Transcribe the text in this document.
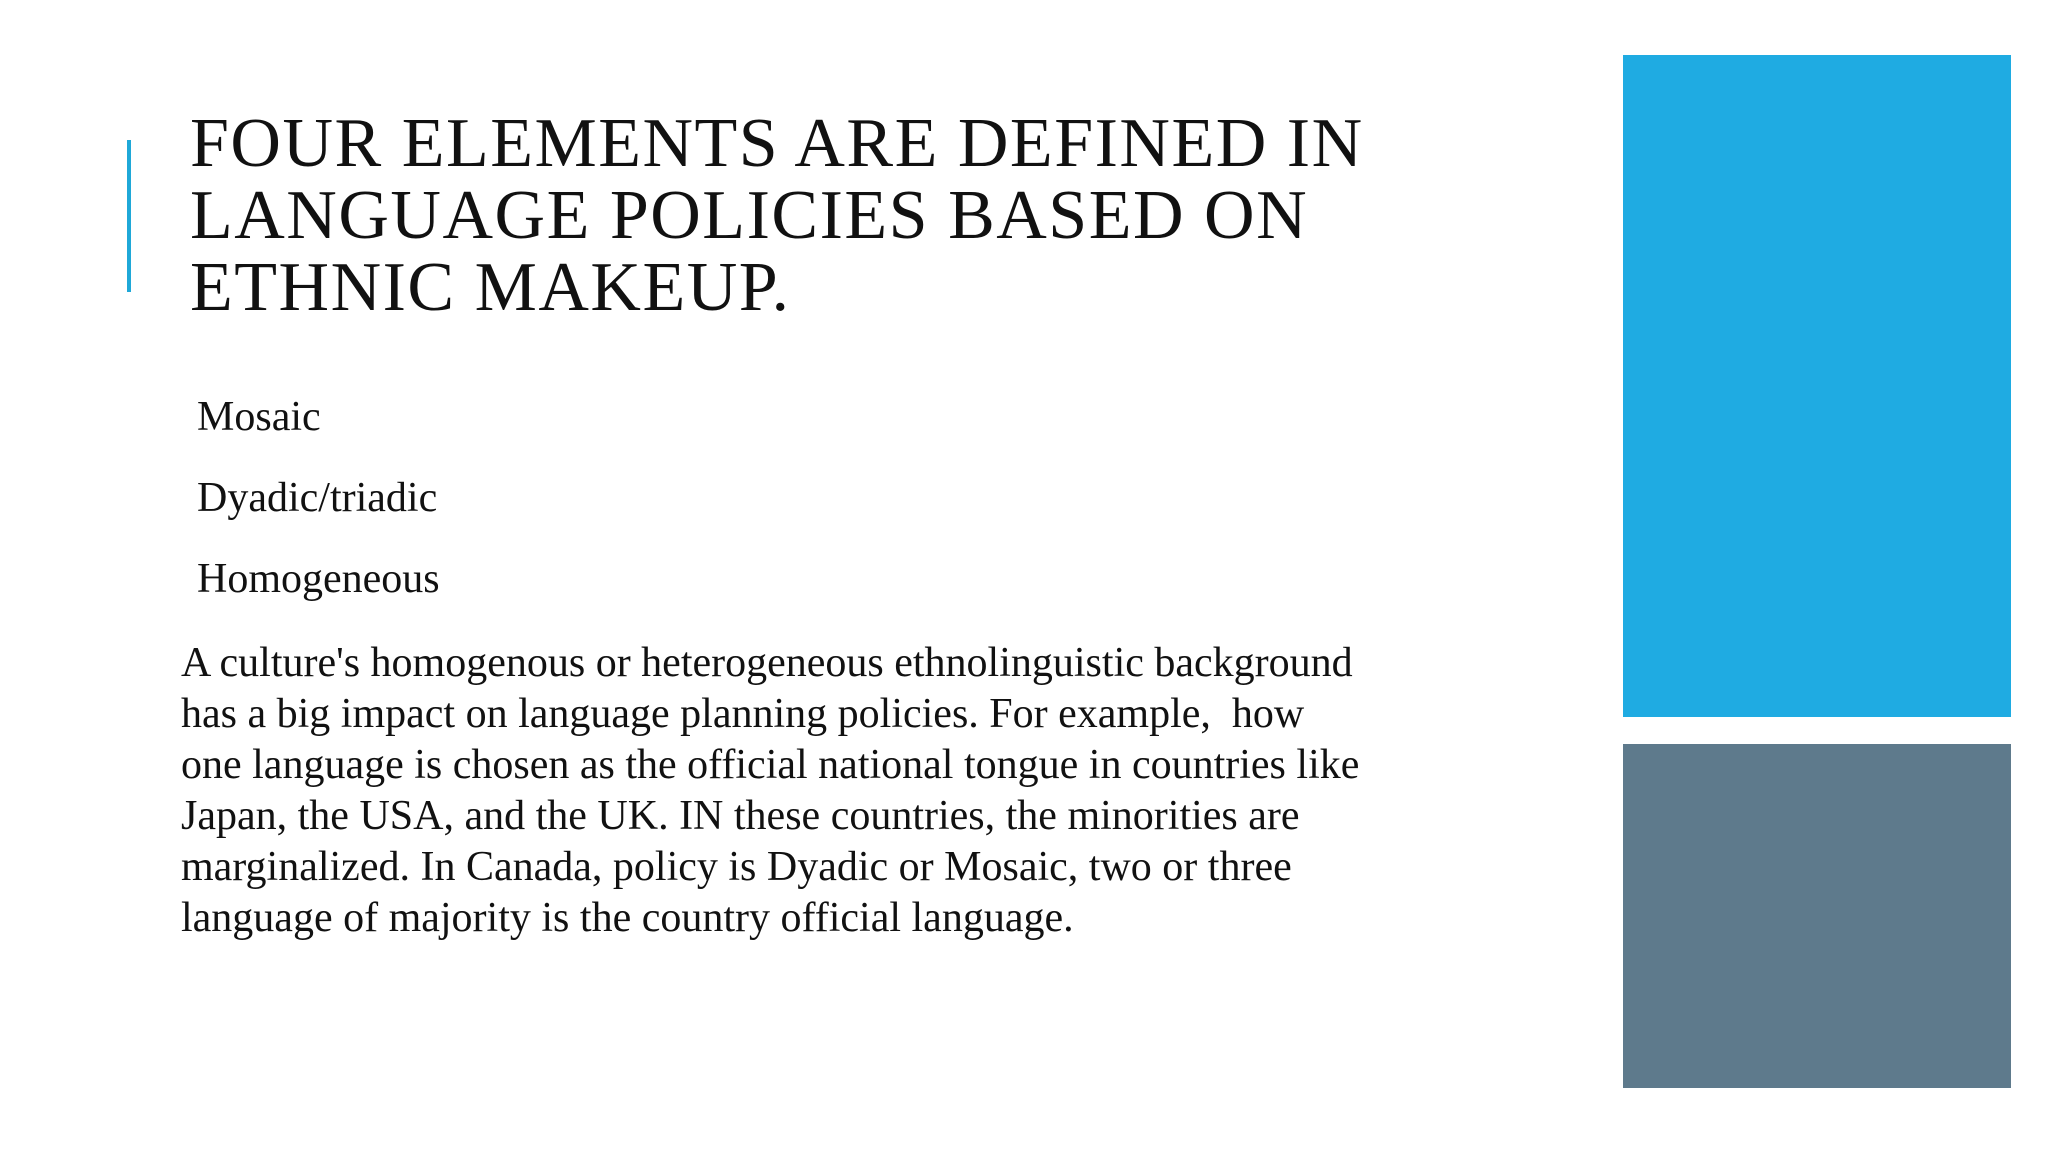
FOUR ELEMENTS ARE DEFINED IN
LANGUAGE POLICIES BASED ON
ETHNIC MAKEUP.
Mosaic
Dyadic/triadic
Homogeneous

A culture's homogenous or heterogeneous ethnolinguistic background
has a big impact on language planning policies. For example,  how
one language is chosen as the official national tongue in countries like
Japan, the USA, and the UK. IN these countries, the minorities are
marginalized. In Canada, policy is Dyadic or Mosaic, two or three
language of majority is the country official language.
